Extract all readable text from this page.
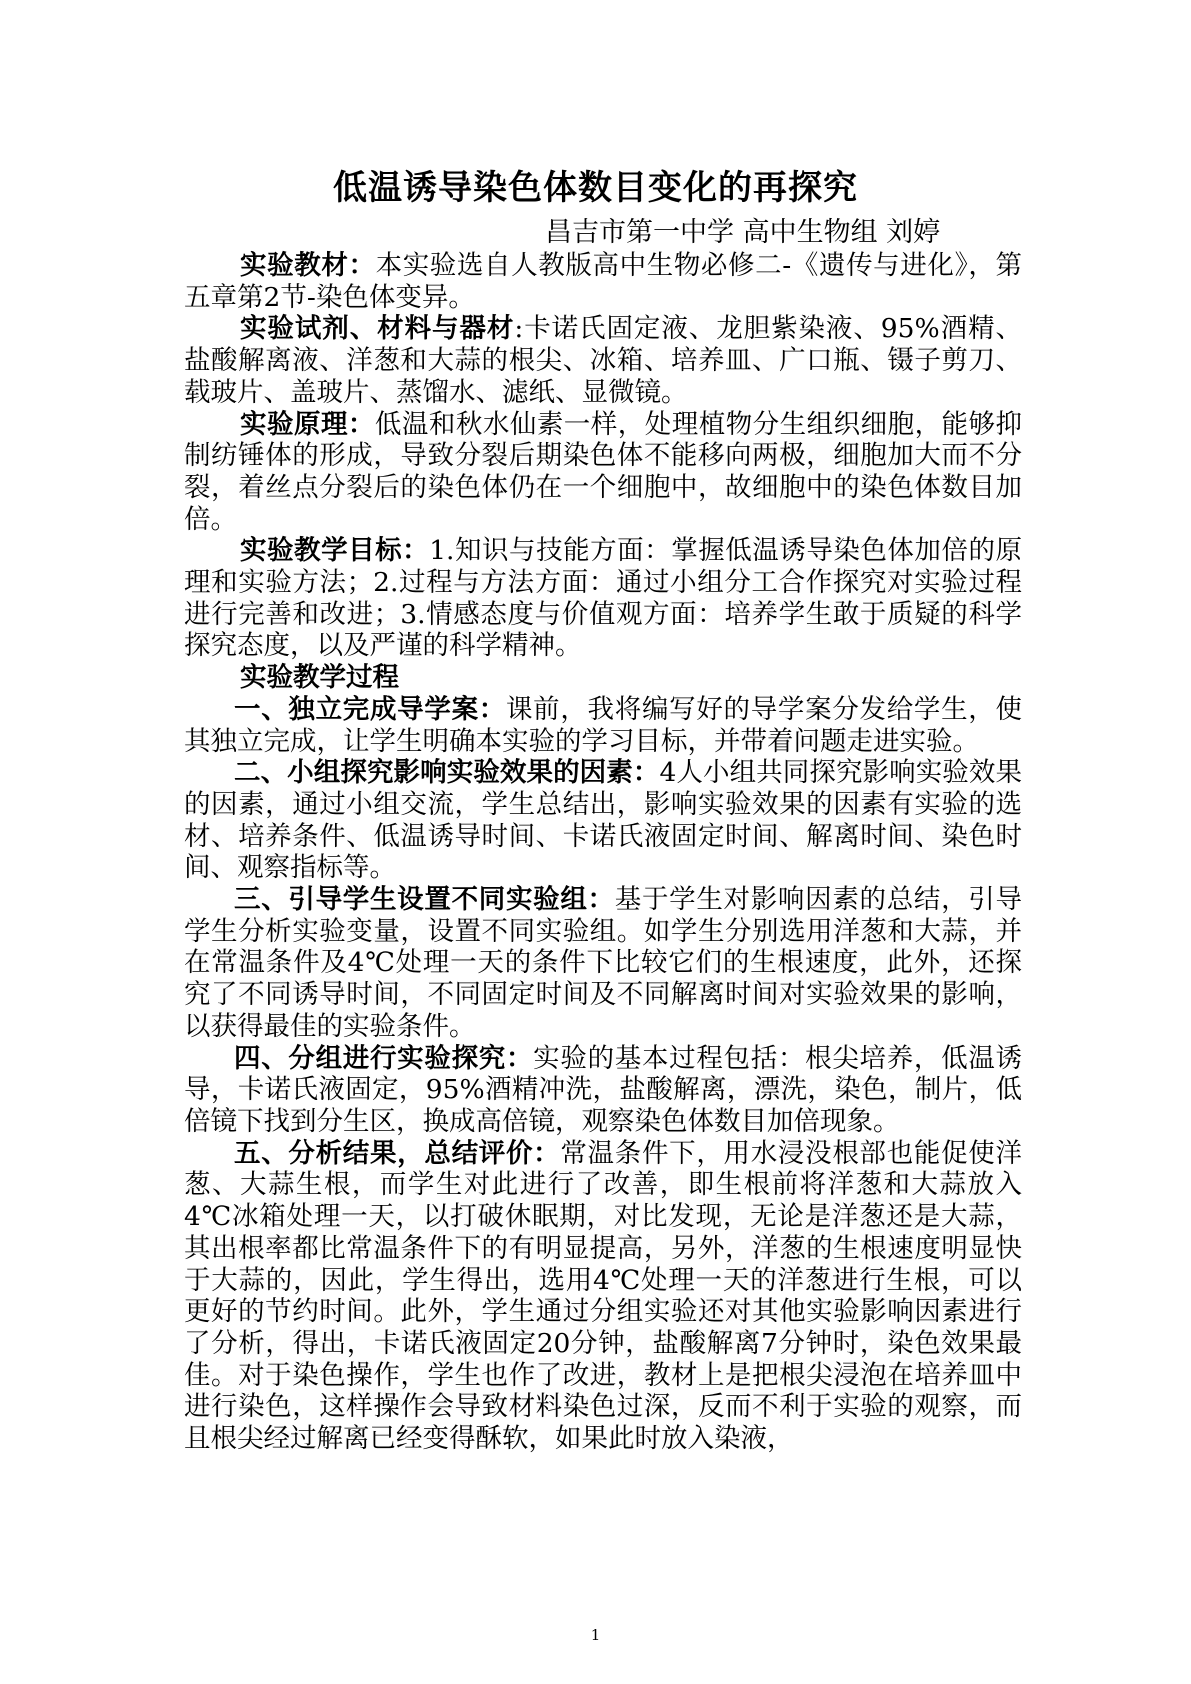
低温诱导染色体数目变化的再探究
昌吉市第一中学 高中生物组 刘婷

实验教材：本实验选自人教版高中生物必修二-《遗传与进化》，第五章第2节-染色体变异。

实验试剂、材料与器材:卡诺氏固定液、龙胆紫染液、95%酒精、盐酸解离液、洋葱和大蒜的根尖、冰箱、培养皿、广口瓶、镊子剪刀、载玻片、盖玻片、蒸馏水、滤纸、显微镜。

实验原理：低温和秋水仙素一样，处理植物分生组织细胞，能够抑制纺锤体的形成，导致分裂后期染色体不能移向两极，细胞加大而不分裂，着丝点分裂后的染色体仍在一个细胞中，故细胞中的染色体数目加倍。

实验教学目标：1.知识与技能方面：掌握低温诱导染色体加倍的原理和实验方法；2.过程与方法方面：通过小组分工合作探究对实验过程进行完善和改进；3.情感态度与价值观方面：培养学生敢于质疑的科学探究态度，以及严谨的科学精神。

实验教学过程

一、独立完成导学案：课前，我将编写好的导学案分发给学生，使其独立完成，让学生明确本实验的学习目标，并带着问题走进实验。

二、小组探究影响实验效果的因素：4人小组共同探究影响实验效果的因素，通过小组交流，学生总结出，影响实验效果的因素有实验的选材、培养条件、低温诱导时间、卡诺氏液固定时间、解离时间、染色时间、观察指标等。

三、引导学生设置不同实验组：基于学生对影响因素的总结，引导学生分析实验变量，设置不同实验组。如学生分别选用洋葱和大蒜，并在常温条件及4℃处理一天的条件下比较它们的生根速度，此外，还探究了不同诱导时间，不同固定时间及不同解离时间对实验效果的影响，以获得最佳的实验条件。

四、分组进行实验探究：实验的基本过程包括：根尖培养，低温诱导，卡诺氏液固定，95%酒精冲洗，盐酸解离，漂洗，染色，制片，低倍镜下找到分生区，换成高倍镜，观察染色体数目加倍现象。

五、分析结果，总结评价：常温条件下，用水浸没根部也能促使洋葱、大蒜生根，而学生对此进行了改善，即生根前将洋葱和大蒜放入4℃冰箱处理一天，以打破休眠期，对比发现，无论是洋葱还是大蒜，其出根率都比常温条件下的有明显提高，另外，洋葱的生根速度明显快于大蒜的，因此，学生得出，选用4℃处理一天的洋葱进行生根，可以更好的节约时间。此外，学生通过分组实验还对其他实验影响因素进行了分析，得出，卡诺氏液固定20分钟，盐酸解离7分钟时，染色效果最佳。对于染色操作，学生也作了改进，教材上是把根尖浸泡在培养皿中进行染色，这样操作会导致材料染色过深，反而不利于实验的观察，而且根尖经过解离已经变得酥软，如果此时放入染液，

1
